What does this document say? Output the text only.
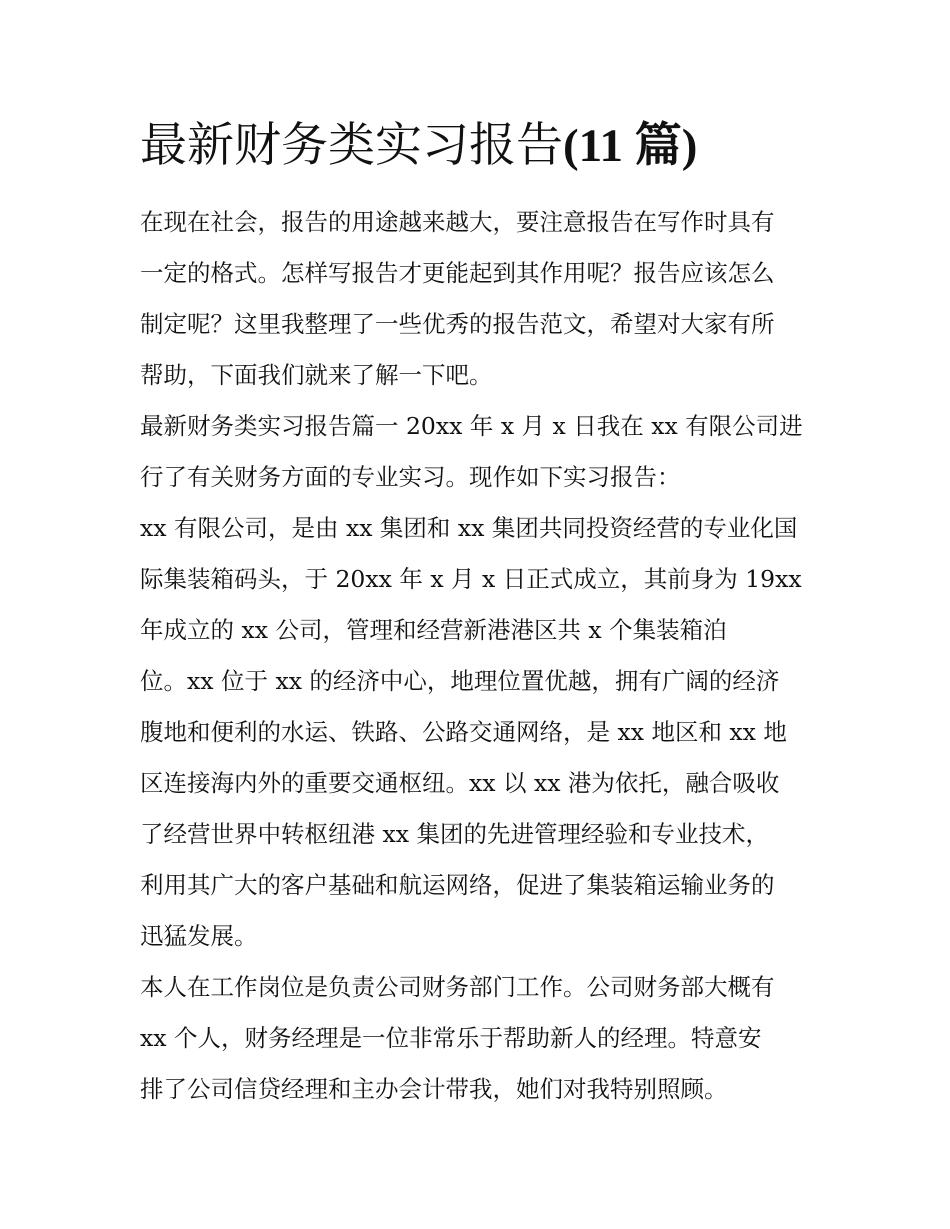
最新财务类实习报告(11 篇)
在现在社会，报告的用途越来越大，要注意报告在写作时具有
一定的格式。怎样写报告才更能起到其作用呢？报告应该怎么
制定呢？这里我整理了一些优秀的报告范文，希望对大家有所
帮助，下面我们就来了解一下吧。
最新财务类实习报告篇一 20xx 年 x 月 x 日我在 xx 有限公司进
行了有关财务方面的专业实习。现作如下实习报告：
xx 有限公司，是由 xx 集团和 xx 集团共同投资经营的专业化国
际集装箱码头，于 20xx 年 x 月 x 日正式成立，其前身为 19xx
年成立的 xx 公司，管理和经营新港港区共 x 个集装箱泊
位。xx 位于 xx 的经济中心，地理位置优越，拥有广阔的经济
腹地和便利的水运、铁路、公路交通网络，是 xx 地区和 xx 地
区连接海内外的重要交通枢纽。xx 以 xx 港为依托，融合吸收
了经营世界中转枢纽港 xx 集团的先进管理经验和专业技术，
利用其广大的客户基础和航运网络，促进了集装箱运输业务的
迅猛发展。
本人在工作岗位是负责公司财务部门工作。公司财务部大概有
xx 个人，财务经理是一位非常乐于帮助新人的经理。特意安
排了公司信贷经理和主办会计带我，她们对我特别照顾。
